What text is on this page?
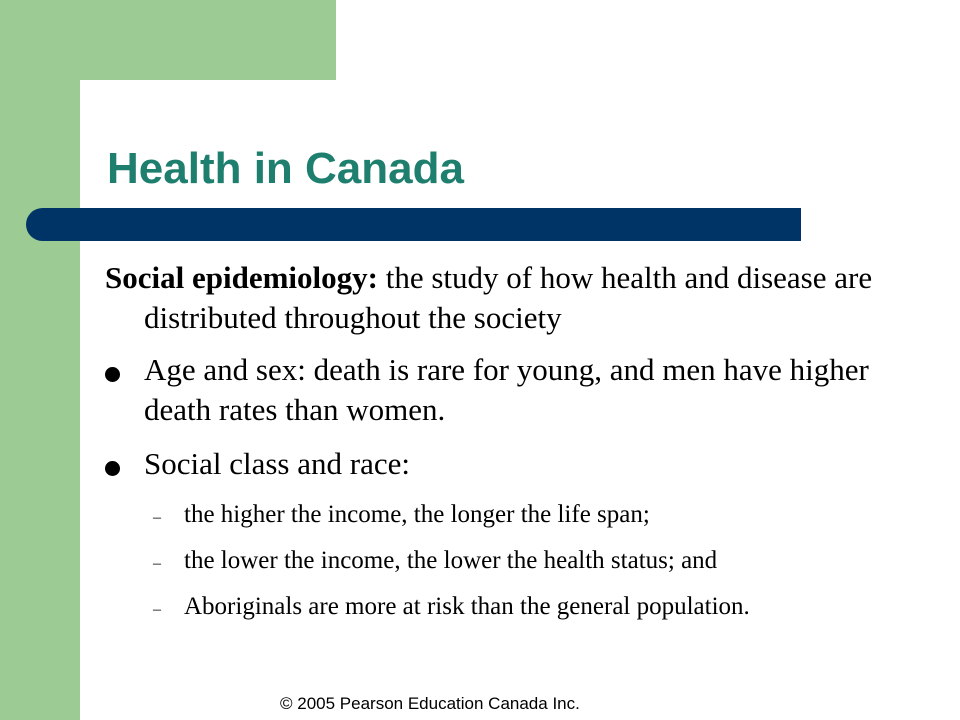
Health in Canada

Social epidemiology: the study of how health and disease are distributed throughout the society

Age and sex: death is rare for young, and men have higher death rates than women.

Social class and race:

– the higher the income, the longer the life span;

– the lower the income, the lower the health status; and

– Aboriginals are more at risk than the general population.

© 2005 Pearson Education Canada Inc.
